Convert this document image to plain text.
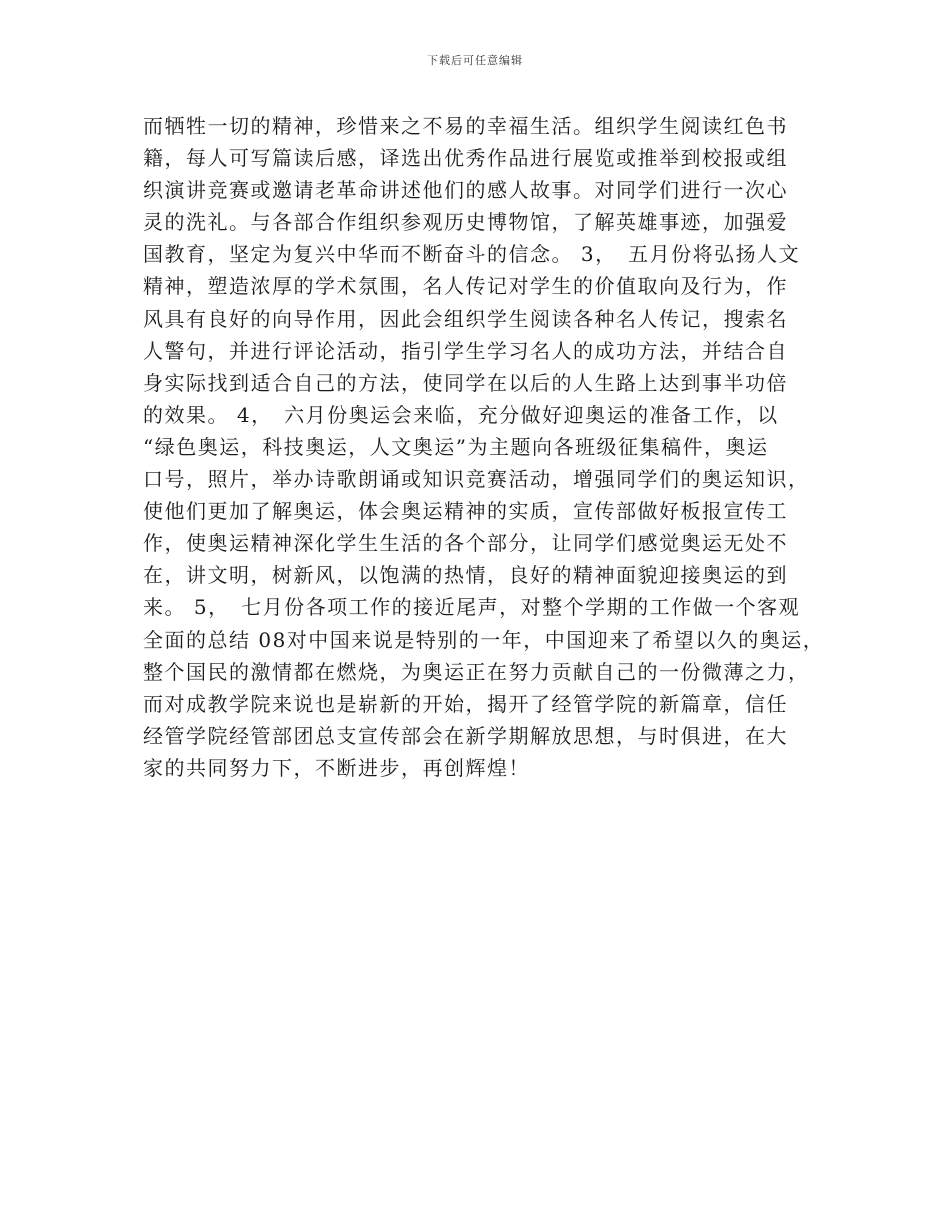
下载后可任意编辑
而牺牲一切的精神，珍惜来之不易的幸福生活。组织学生阅读红色书
籍，每人可写篇读后感，译选出优秀作品进行展览或推举到校报或组
织演讲竞赛或邀请老革命讲述他们的感人故事。对同学们进行一次心
灵的洗礼。与各部合作组织参观历史博物馆，了解英雄事迹，加强爱
国教育，坚定为复兴中华而不断奋斗的信念。 3，　五月份将弘扬人文
精神，塑造浓厚的学术氛围，名人传记对学生的价值取向及行为，作
风具有良好的向导作用，因此会组织学生阅读各种名人传记，搜索名
人警句，并进行评论活动，指引学生学习名人的成功方法，并结合自
身实际找到适合自己的方法，使同学在以后的人生路上达到事半功倍
的效果。 4，　六月份奥运会来临，充分做好迎奥运的准备工作，以
“绿色奥运，科技奥运，人文奥运”为主题向各班级征集稿件，奥运
口号，照片，举办诗歌朗诵或知识竞赛活动，增强同学们的奥运知识，
使他们更加了解奥运，体会奥运精神的实质，宣传部做好板报宣传工
作，使奥运精神深化学生生活的各个部分，让同学们感觉奥运无处不
在，讲文明，树新风，以饱满的热情，良好的精神面貌迎接奥运的到
来。 5，　七月份各项工作的接近尾声，对整个学期的工作做一个客观
全面的总结 08对中国来说是特别的一年，中国迎来了希望以久的奥运，
整个国民的激情都在燃烧，为奥运正在努力贡献自己的一份微薄之力，
而对成教学院来说也是崭新的开始，揭开了经管学院的新篇章，信任
经管学院经管部团总支宣传部会在新学期解放思想，与时俱进，在大
家的共同努力下，不断进步，再创辉煌！
